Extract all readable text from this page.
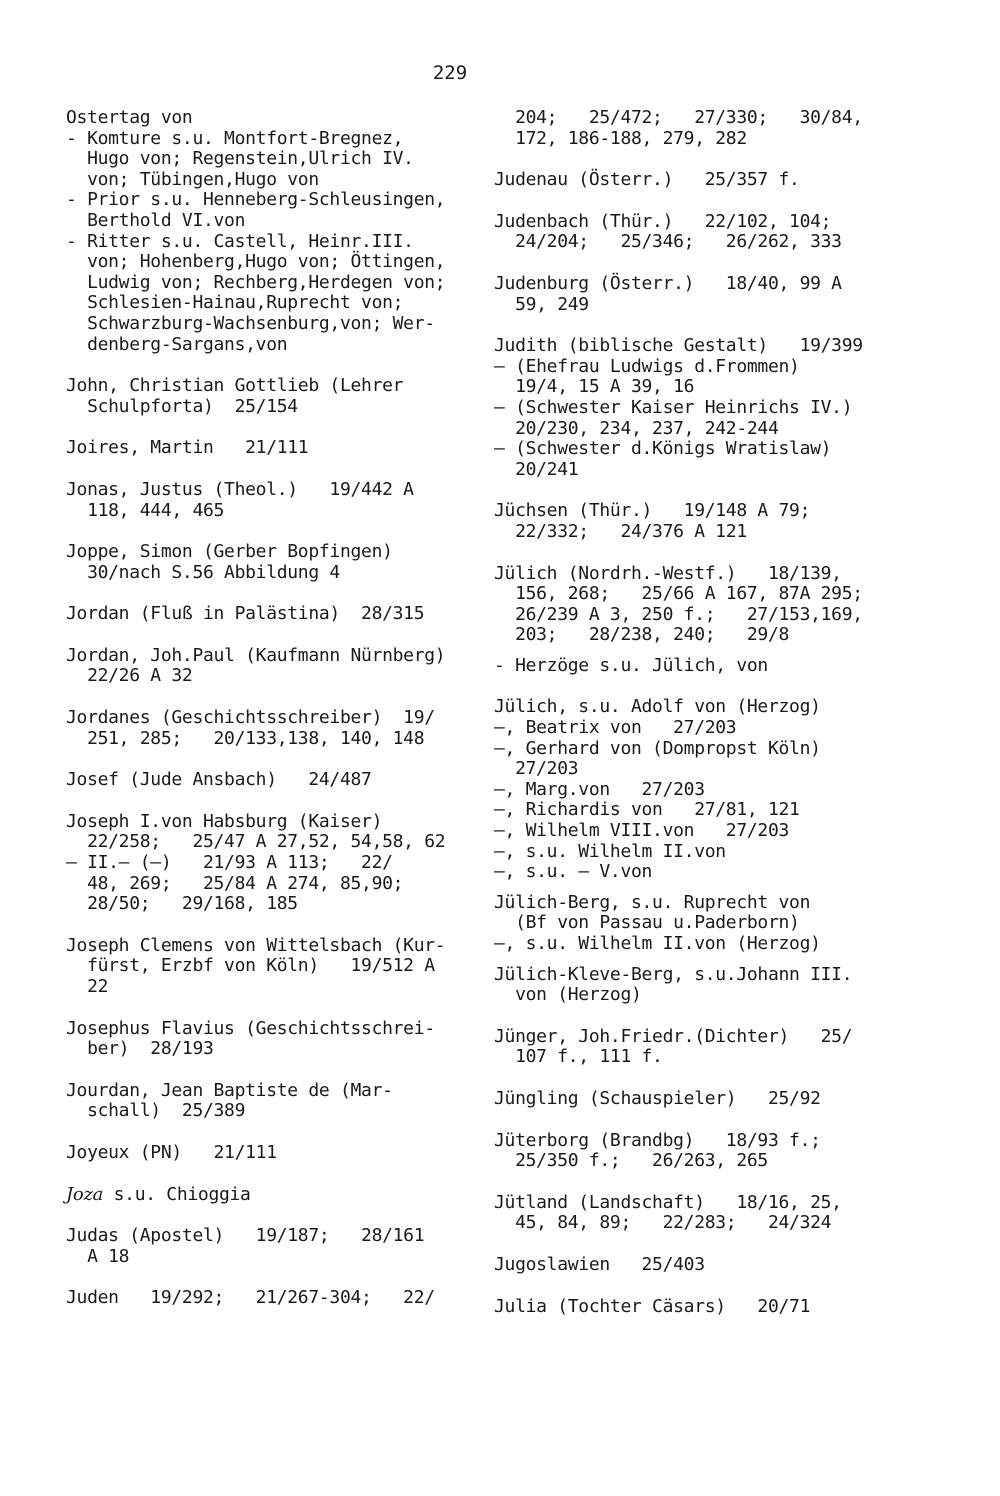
229
Ostertag von
- Komture s.u. Montfort-Bregnez,
Hugo von; Regenstein,Ulrich IV.
von; Tübingen,Hugo von
- Prior s.u. Henneberg-Schleusingen,
Berthold VI.von
- Ritter s.u. Castell, Heinr.III.
von; Hohenberg,Hugo von; Öttingen,
Ludwig von; Rechberg,Herdegen von;
Schlesien-Hainau,Ruprecht von;
Schwarzburg-Wachsenburg,von; Wer-
denberg-Sargans,von
John, Christian Gottlieb (Lehrer
Schulpforta)  25/154
Joires, Martin   21/111
Jonas, Justus (Theol.)   19/442 A
118, 444, 465
Joppe, Simon (Gerber Bopfingen)
30/nach S.56 Abbildung 4
Jordan (Fluß in Palästina)  28/315
Jordan, Joh.Paul (Kaufmann Nürnberg)
22/26 A 32
Jordanes (Geschichtsschreiber)  19/
251, 285;   20/133,138, 140, 148
Josef (Jude Ansbach)   24/487
Joseph I.von Habsburg (Kaiser)
22/258;   25/47 A 27,52, 54,58, 62
— II.— (—)   21/93 A 113;   22/
48, 269;   25/84 A 274, 85,90;
28/50;   29/168, 185
Joseph Clemens von Wittelsbach (Kur-
fürst, Erzbf von Köln)   19/512 A
22
Josephus Flavius (Geschichtsschrei-
ber)  28/193
Jourdan, Jean Baptiste de (Mar-
schall)  25/389
Joyeux (PN)   21/111
Joza s.u. Chioggia
Judas (Apostel)   19/187;   28/161
A 18
Juden   19/292;   21/267-304;   22/
204;   25/472;   27/330;   30/84,
172, 186-188, 279, 282
Judenau (Österr.)   25/357 f.
Judenbach (Thür.)   22/102, 104;
24/204;   25/346;   26/262, 333
Judenburg (Österr.)   18/40, 99 A
59, 249
Judith (biblische Gestalt)   19/399
— (Ehefrau Ludwigs d.Frommen)
19/4, 15 A 39, 16
— (Schwester Kaiser Heinrichs IV.)
20/230, 234, 237, 242-244
— (Schwester d.Königs Wratislaw)
20/241
Jüchsen (Thür.)   19/148 A 79;
22/332;   24/376 A 121
Jülich (Nordrh.-Westf.)   18/139,
156, 268;   25/66 A 167, 87A 295;
26/239 A 3, 250 f.;   27/153,169,
203;   28/238, 240;   29/8
- Herzöge s.u. Jülich, von
Jülich, s.u. Adolf von (Herzog)
—, Beatrix von   27/203
—, Gerhard von (Dompropst Köln)
27/203
—, Marg.von   27/203
—, Richardis von   27/81, 121
—, Wilhelm VIII.von   27/203
—, s.u. Wilhelm II.von
—, s.u. — V.von
Jülich-Berg, s.u. Ruprecht von
(Bf von Passau u.Paderborn)
—, s.u. Wilhelm II.von (Herzog)
Jülich-Kleve-Berg, s.u.Johann III.
von (Herzog)
Jünger, Joh.Friedr.(Dichter)   25/
107 f., 111 f.
Jüngling (Schauspieler)   25/92
Jüterborg (Brandbg)   18/93 f.;
25/350 f.;   26/263, 265
Jütland (Landschaft)   18/16, 25,
45, 84, 89;   22/283;   24/324
Jugoslawien   25/403
Julia (Tochter Cäsars)   20/71
